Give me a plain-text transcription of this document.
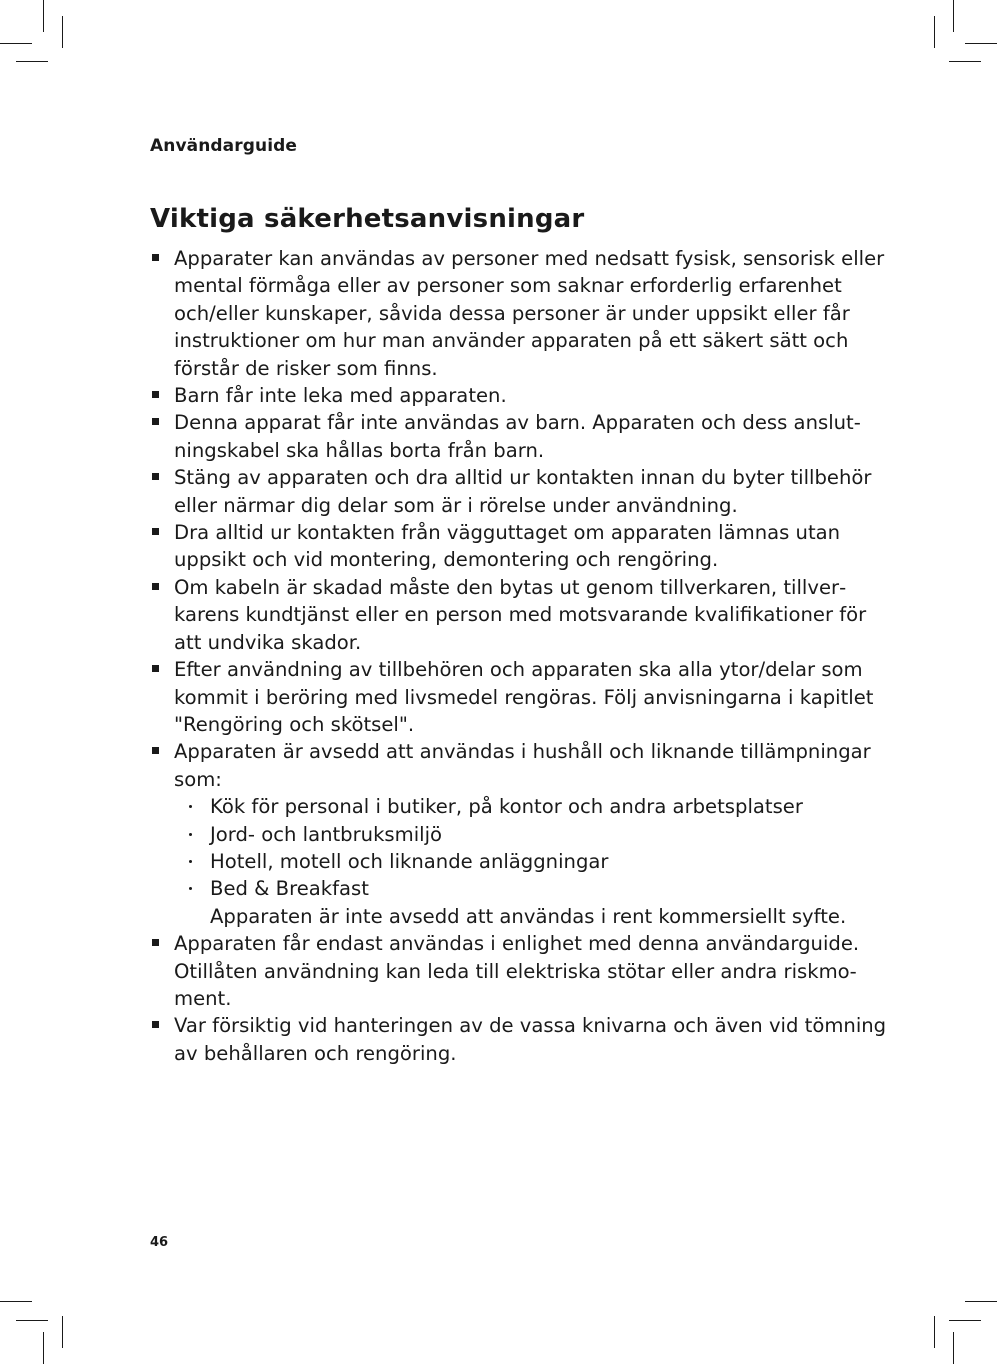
Användarguide
Viktiga säkerhetsanvisningar
Apparater kan användas av personer med nedsatt fysisk, sensorisk eller mental förmåga eller av personer som saknar erforderlig erfarenhet och/eller kunskaper, såvida dessa personer är under uppsikt eller får instruktioner om hur man använder apparaten på ett säkert sätt och förstår de risker som finns.
Barn får inte leka med apparaten.
Denna apparat får inte användas av barn. Apparaten och dess anslutningskabel ska hållas borta från barn.
Stäng av apparaten och dra alltid ur kontakten innan du byter tillbehör eller närmar dig delar som är i rörelse under användning.
Dra alltid ur kontakten från vägguttaget om apparaten lämnas utan uppsikt och vid montering, demontering och rengöring.
Om kabeln är skadad måste den bytas ut genom tillverkaren, tillverkarens kundtjänst eller en person med motsvarande kvalifikationer för att undvika skador.
Efter användning av tillbehören och apparaten ska alla ytor/delar som kommit i beröring med livsmedel rengöras. Följ anvisningarna i kapitlet "Rengöring och skötsel".
Apparaten är avsedd att användas i hushåll och liknande tillämpningar som:
Kök för personal i butiker, på kontor och andra arbetsplatser
Jord- och lantbruksmiljö
Hotell, motell och liknande anläggningar
Bed & Breakfast
Apparaten är inte avsedd att användas i rent kommersiellt syfte.
Apparaten får endast användas i enlighet med denna användarguide. Otillåten användning kan leda till elektriska stötar eller andra riskmoment.
Var försiktig vid hanteringen av de vassa knivarna och även vid tömning av behållaren och rengöring.
46
